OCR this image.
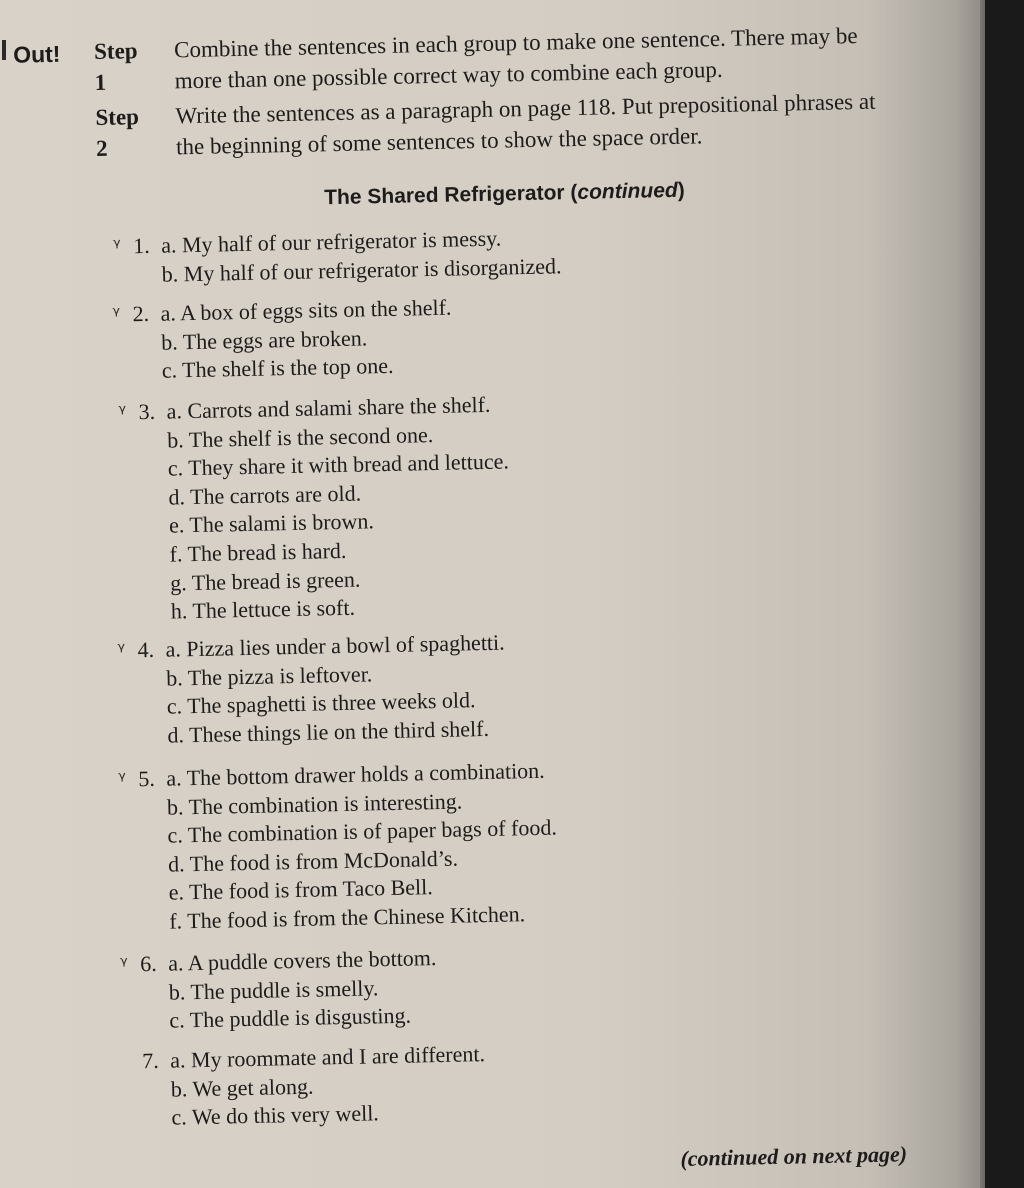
Out! Step 1
Combine the sentences in each group to make one sentence. There may be more than one possible correct way to combine each group.
Step 2
Write the sentences as a paragraph on page 118. Put prepositional phrases at the beginning of some sentences to show the space order.
The Shared Refrigerator (continued)
ᵞ 1. a. My half of our refrigerator is messy.
b. My half of our refrigerator is disorganized.
ᵞ 2. a. A box of eggs sits on the shelf.
b. The eggs are broken.
c. The shelf is the top one.
ᵞ 3. a. Carrots and salami share the shelf.
b. The shelf is the second one.
c. They share it with bread and lettuce.
d. The carrots are old.
e. The salami is brown.
f. The bread is hard.
g. The bread is green.
h. The lettuce is soft.
ᵞ 4. a. Pizza lies under a bowl of spaghetti.
b. The pizza is leftover.
c. The spaghetti is three weeks old.
d. These things lie on the third shelf.
ᵞ 5. a. The bottom drawer holds a combination.
b. The combination is interesting.
c. The combination is of paper bags of food.
d. The food is from McDonald’s.
e. The food is from Taco Bell.
f. The food is from the Chinese Kitchen.
ᵞ 6. a. A puddle covers the bottom.
b. The puddle is smelly.
c. The puddle is disgusting.
7. a. My roommate and I are different.
b. We get along.
c. We do this very well.
(continued on next page)
